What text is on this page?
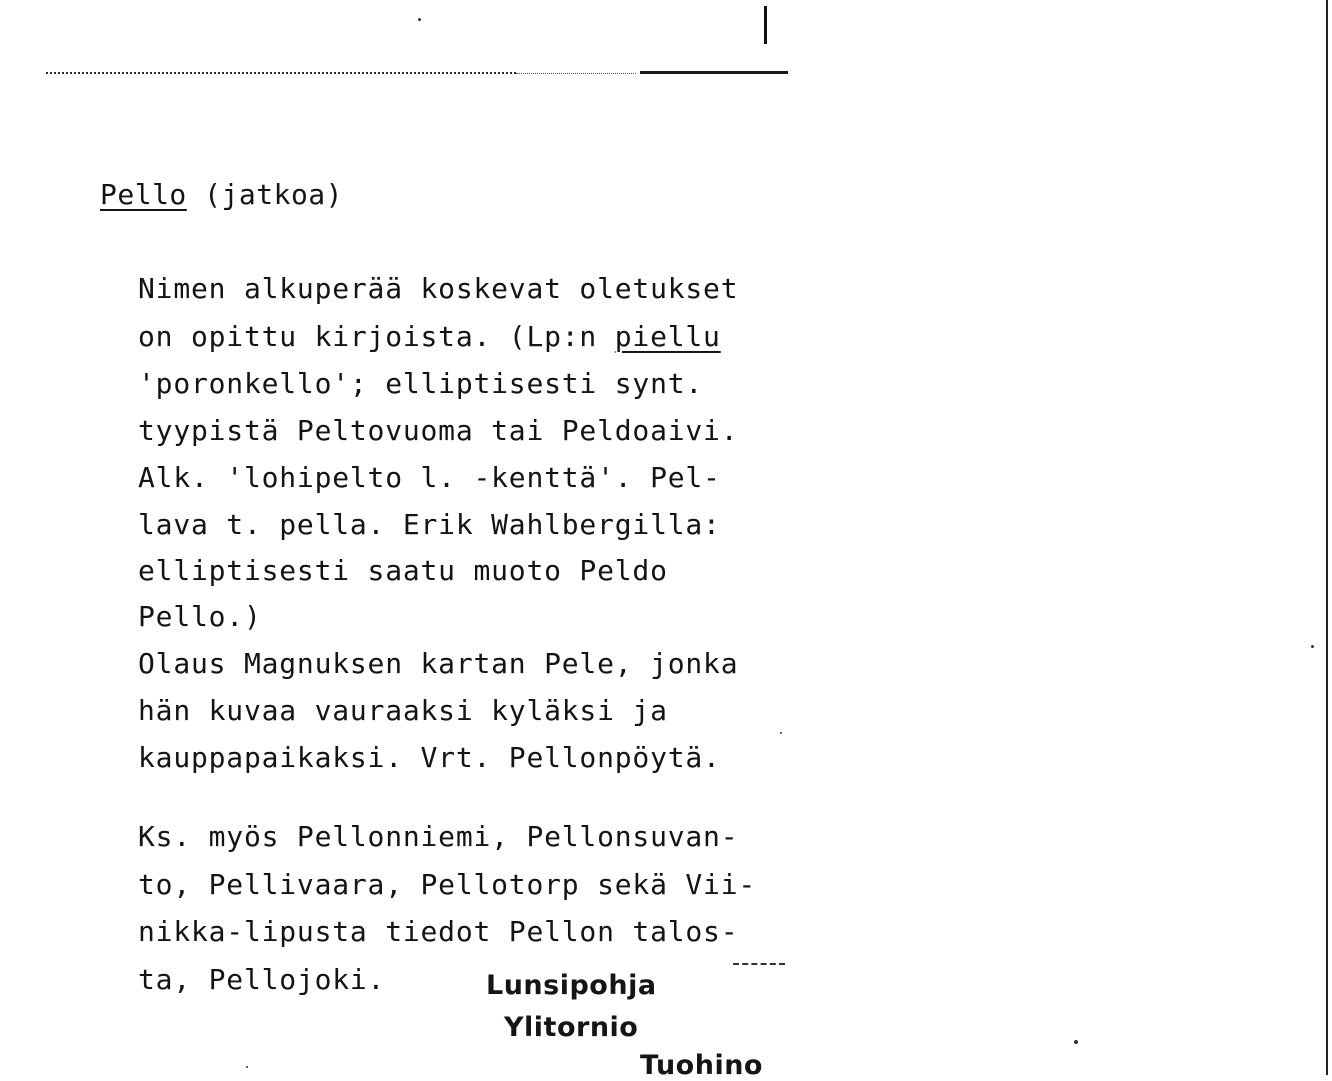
Pello (jatkoa)
Nimen alkuperää koskevat oletukset
on opittu kirjoista. (Lp:n piellu
'poronkello'; elliptisesti synt.
tyypistä Peltovuoma tai Peldoaivi.
Alk. 'lohipelto l. -kenttä'. Pel-
lava t. pella. Erik Wahlbergilla:
elliptisesti saatu muoto Peldo
Pello.)
Olaus Magnuksen kartan Pele, jonka
hän kuvaa vauraaksi kyläksi ja
kauppapaikaksi. Vrt. Pellonpöytä.
Ks. myös Pellonniemi, Pellonsuvan-
to, Pellivaara, Pellotorp sekä Vii-
nikka-lipusta tiedot Pellon talos-
ta, Pellojoki.	Lunsipohja
Ylitornio
Tuohino
